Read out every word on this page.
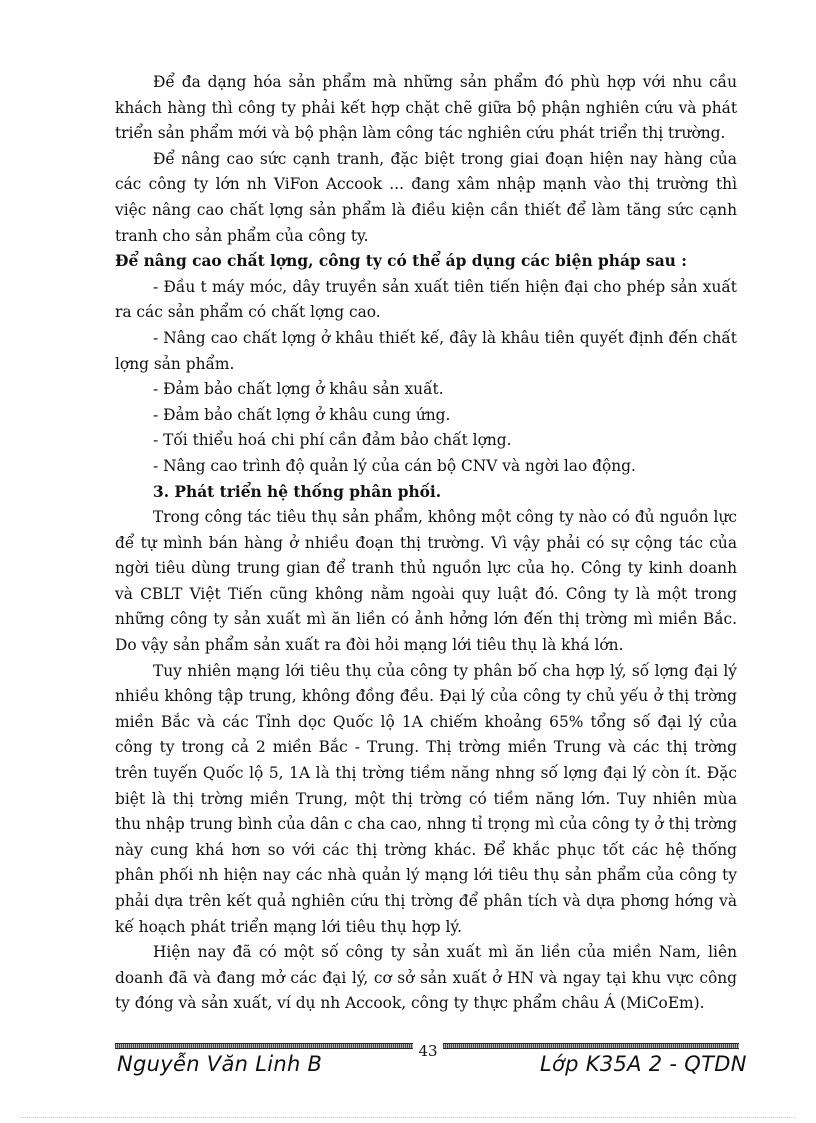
Để đa dạng hóa sản phẩm mà những sản phẩm đó phù hợp với nhu cầu khách hàng thì công ty phải kết hợp chặt chẽ giữa bộ phận nghiên cứu và phát triển sản phẩm mới và bộ phận làm công tác nghiên cứu phát triển thị trường.

Để nâng cao sức cạnh tranh, đặc biệt trong giai đoạn hiện nay hàng của các công ty lớn nh ViFon Accook ... đang xâm nhập mạnh vào thị trường thì việc nâng cao chất lợng sản phẩm là điều kiện cần thiết để làm tăng sức cạnh tranh cho sản phẩm của công ty.

Để nâng cao chất lợng, công ty có thể áp dụng các biện pháp sau :

- Đầu t máy móc, dây truyền sản xuất tiên tiến hiện đại cho phép sản xuất ra các sản phẩm có chất lợng cao.

- Nâng cao chất lợng ở khâu thiết kế, đây là khâu tiên quyết định đến chất lợng sản phẩm.

- Đảm bảo chất lợng ở khâu sản xuất.

- Đảm bảo chất lợng ở khâu cung ứng.

- Tối thiểu hoá chi phí cần đảm bảo chất lợng.

- Nâng cao trình độ quản lý của cán bộ CNV và ngời lao động.

3. Phát triển hệ thống phân phối.

Trong công tác tiêu thụ sản phẩm, không một công ty nào có đủ nguồn lực để tự mình bán hàng ở nhiều đoạn thị trường. Vì vậy phải có sự cộng tác của ngời tiêu dùng trung gian để tranh thủ nguồn lực của họ. Công ty kinh doanh và CBLT Việt Tiến cũng không nằm ngoài quy luật đó. Công ty là một trong những công ty sản xuất mì ăn liền có ảnh hởng lớn đến thị trờng mì miền Bắc. Do vậy sản phẩm sản xuất ra đòi hỏi mạng lới tiêu thụ là khá lớn.

Tuy nhiên mạng lới tiêu thụ của công ty phân bố cha hợp lý, số lợng đại lý nhiều không tập trung, không đồng đều. Đại lý của công ty chủ yếu ở thị trờng miền Bắc và các Tỉnh dọc Quốc lộ 1A chiếm khoảng 65% tổng số đại lý của công ty trong cả 2 miền Bắc - Trung. Thị trờng miền Trung và các thị trờng trên tuyến Quốc lộ 5, 1A là thị trờng tiềm năng nhng số lợng đại lý còn ít. Đặc biệt là thị trờng miền Trung, một thị trờng có tiềm năng lớn. Tuy nhiên mùa thu nhập trung bình của dân c cha cao, nhng tỉ trọng mì của công ty ở thị trờng này cung khá hơn so với các thị trờng khác. Để khắc phục tốt các hệ thống phân phối nh hiện nay các nhà quản lý mạng lới tiêu thụ sản phẩm của công ty phải dựa trên kết quả nghiên cứu thị trờng để phân tích và dựa phơng hớng và kế hoạch phát triển mạng lới tiêu thụ hợp lý.

Hiện nay đã có một số công ty sản xuất mì ăn liền của miền Nam, liên doanh đã và đang mở các đại lý, cơ sở sản xuất ở HN và ngay tại khu vực công ty đóng và sản xuất, ví dụ nh Accook, công ty thực phẩm châu Á (MiCoEm).

43
Nguyễn Văn Linh B	Lớp K35A 2 - QTDN
